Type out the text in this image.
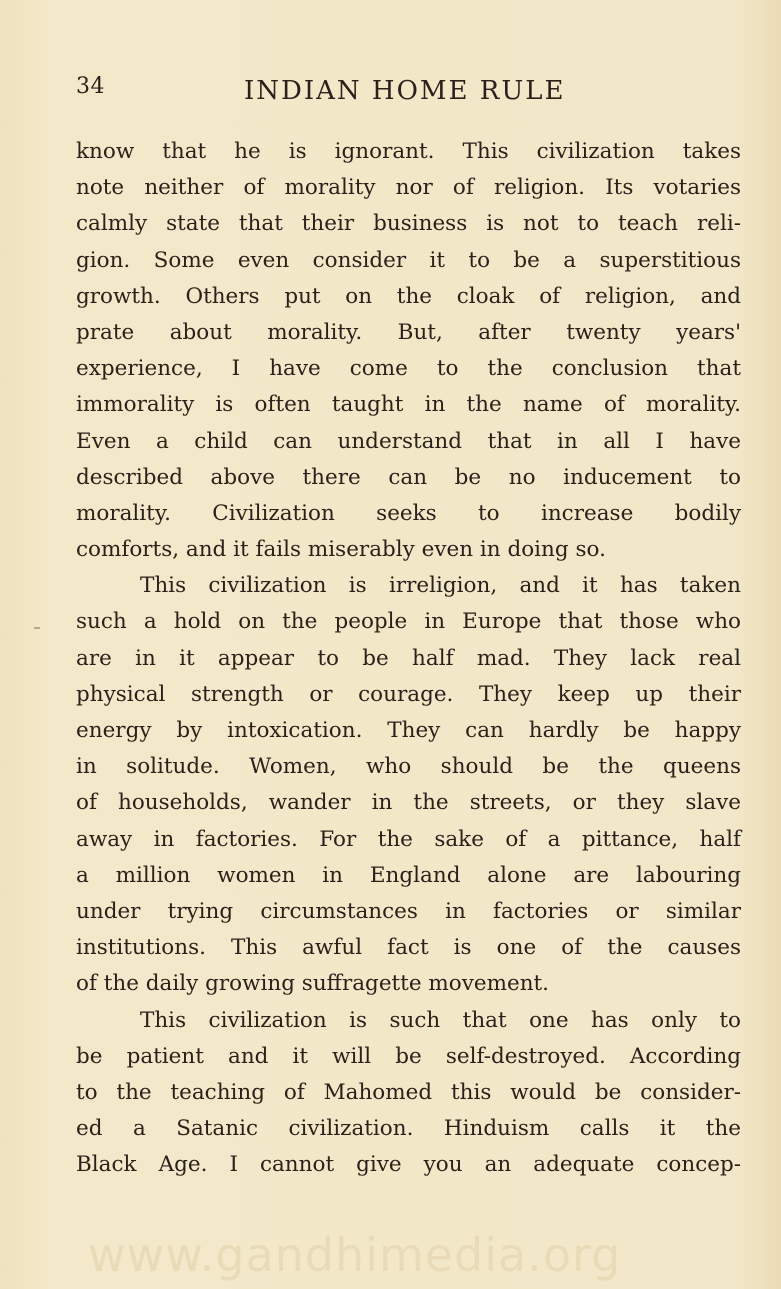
34	INDIAN HOME RULE
know that he is ignorant. This civilization takes
note neither of morality nor of religion. Its votaries
calmly state that their business is not to teach reli-
gion. Some even consider it to be a superstitious
growth. Others put on the cloak of religion, and
prate about morality. But, after twenty years'
experience, I have come to the conclusion that
immorality is often taught in the name of morality.
Even a child can understand that in all I have
described above there can be no inducement to
morality. Civilization seeks to increase bodily
comforts, and it fails miserably even in doing so.
This civilization is irreligion, and it has taken
such a hold on the people in Europe that those who
are in it appear to be half mad. They lack real
physical strength or courage. They keep up their
energy by intoxication. They can hardly be happy
in solitude. Women, who should be the queens
of households, wander in the streets, or they slave
away in factories. For the sake of a pittance, half
a million women in England alone are labouring
under trying circumstances in factories or similar
institutions. This awful fact is one of the causes
of the daily growing suffragette movement.
This civilization is such that one has only to
be patient and it will be self-destroyed. According
to the teaching of Mahomed this would be consider-
ed a Satanic civilization. Hinduism calls it the
Black Age. I cannot give you an adequate concep-
www.gandhimedia.org
